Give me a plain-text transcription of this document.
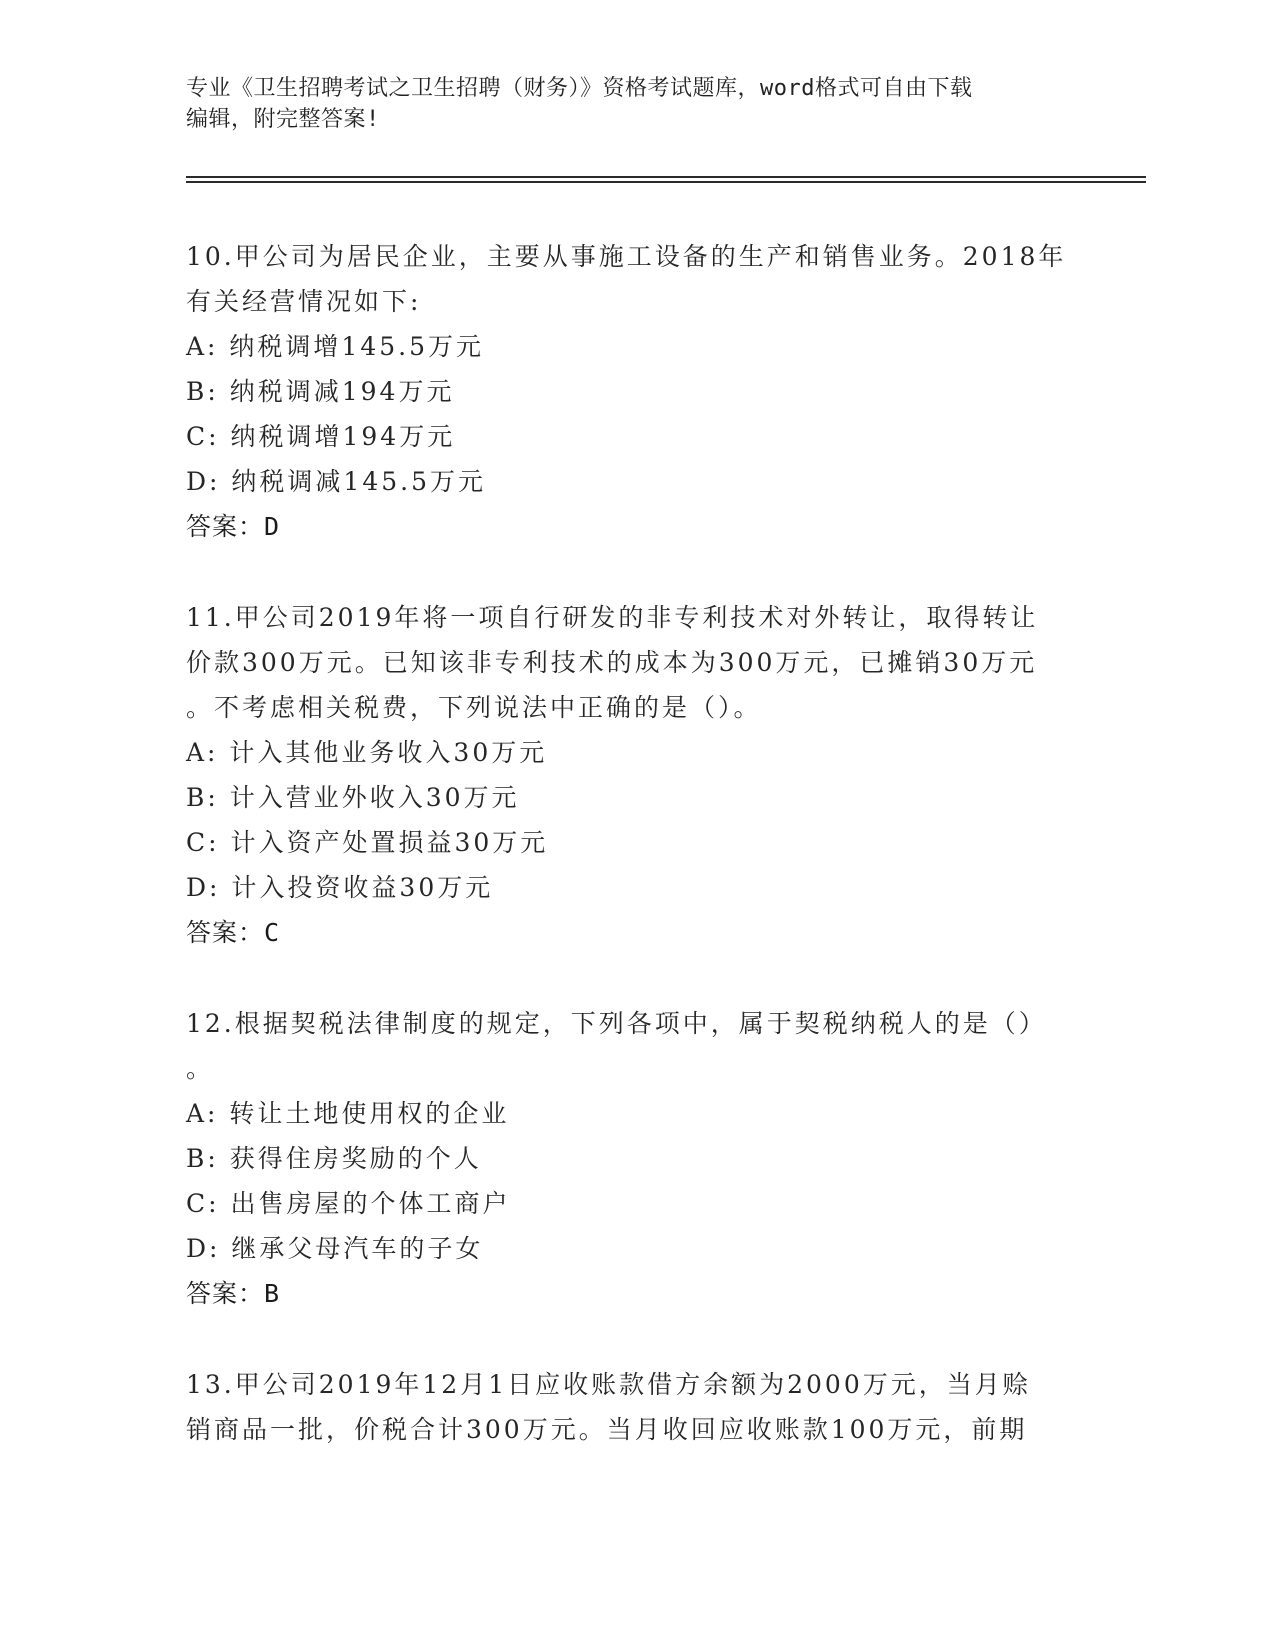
专业《卫生招聘考试之卫生招聘（财务）》资格考试题库，word格式可自由下载
编辑，附完整答案!
10.甲公司为居民企业，主要从事施工设备的生产和销售业务。2018年
有关经营情况如下:
A: 纳税调增145.5万元
B: 纳税调减194万元
C: 纳税调增194万元
D: 纳税调减145.5万元
答案：D
11.甲公司2019年将一项自行研发的非专利技术对外转让，取得转让
价款300万元。已知该非专利技术的成本为300万元，已摊销30万元
。不考虑相关税费，下列说法中正确的是（）。
A: 计入其他业务收入30万元
B: 计入营业外收入30万元
C: 计入资产处置损益30万元
D: 计入投资收益30万元
答案：C
12.根据契税法律制度的规定，下列各项中，属于契税纳税人的是（）
。
A: 转让土地使用权的企业
B: 获得住房奖励的个人
C: 出售房屋的个体工商户
D: 继承父母汽车的子女
答案：B
13.甲公司2019年12月1日应收账款借方余额为2000万元，当月赊
销商品一批，价税合计300万元。当月收回应收账款100万元，前期
